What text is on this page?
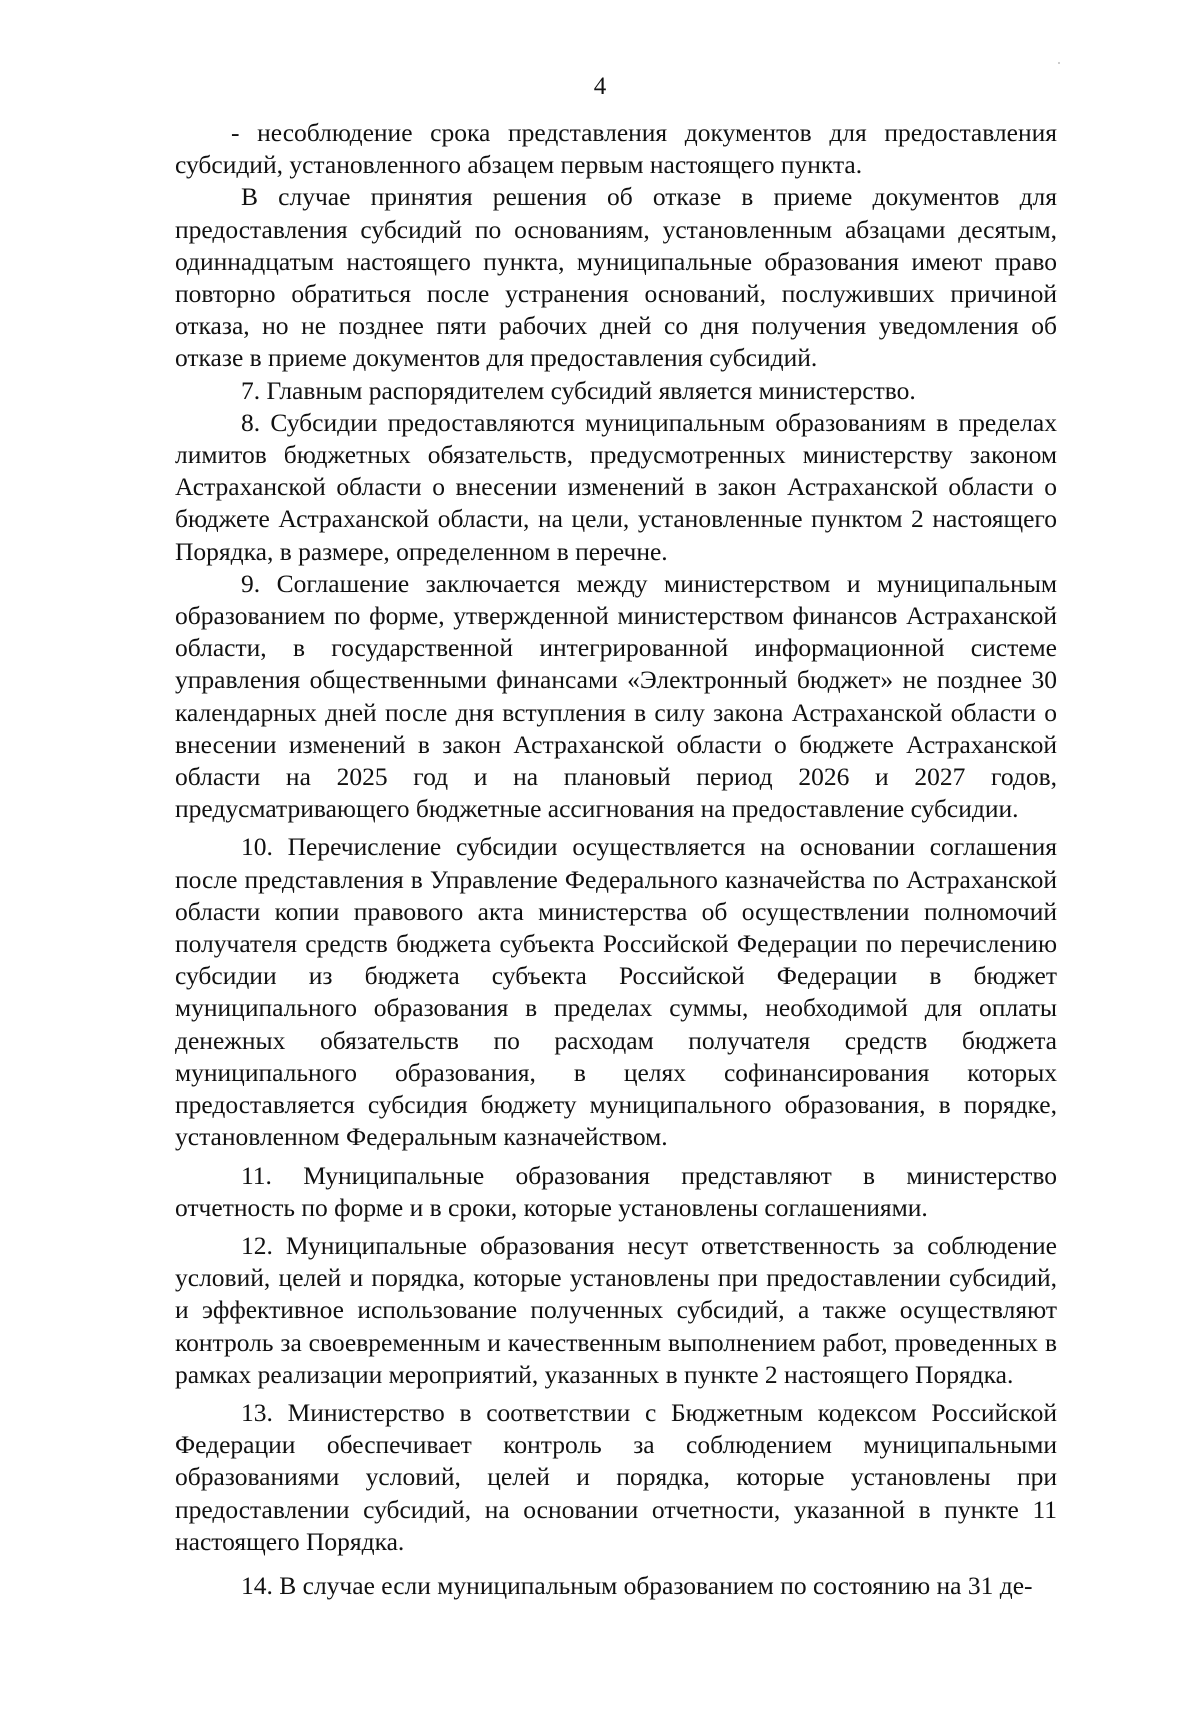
4

- несоблюдение срока представления документов для предоставления субсидий, установленного абзацем первым настоящего пункта.

В случае принятия решения об отказе в приеме документов для предоставления субсидий по основаниям, установленным абзацами десятым, одиннадцатым настоящего пункта, муниципальные образования имеют право повторно обратиться после устранения оснований, послуживших причиной отказа, но не позднее пяти рабочих дней со дня получения уведомления об отказе в приеме документов для предоставления субсидий.

7. Главным распорядителем субсидий является министерство.

8. Субсидии предоставляются муниципальным образованиям в пределах лимитов бюджетных обязательств, предусмотренных министерству законом Астраханской области о внесении изменений в закон Астраханской области о бюджете Астраханской области, на цели, установленные пунктом 2 настоящего Порядка, в размере, определенном в перечне.

9. Соглашение заключается между министерством и муниципальным образованием по форме, утвержденной министерством финансов Астраханской области, в государственной интегрированной информационной системе управления общественными финансами «Электронный бюджет» не позднее 30 календарных дней после дня вступления в силу закона Астраханской области о внесении изменений в закон Астраханской области о бюджете Астраханской области на 2025 год и на плановый период 2026 и 2027 годов, предусматривающего бюджетные ассигнования на предоставление субсидии.

10. Перечисление субсидии осуществляется на основании соглашения после представления в Управление Федерального казначейства по Астраханской области копии правового акта министерства об осуществлении полномочий получателя средств бюджета субъекта Российской Федерации по перечислению субсидии из бюджета субъекта Российской Федерации в бюджет муниципального образования в пределах суммы, необходимой для оплаты денежных обязательств по расходам получателя средств бюджета муниципального образования, в целях софинансирования которых предоставляется субсидия бюджету муниципального образования, в порядке, установленном Федеральным казначейством.

11. Муниципальные образования представляют в министерство отчетность по форме и в сроки, которые установлены соглашениями.

12. Муниципальные образования несут ответственность за соблюдение условий, целей и порядка, которые установлены при предоставлении субсидий, и эффективное использование полученных субсидий, а также осуществляют контроль за своевременным и качественным выполнением работ, проведенных в рамках реализации мероприятий, указанных в пункте 2 настоящего Порядка.

13. Министерство в соответствии с Бюджетным кодексом Российской Федерации обеспечивает контроль за соблюдением муниципальными образованиями условий, целей и порядка, которые установлены при предоставлении субсидий, на основании отчетности, указанной в пункте 11 настоящего Порядка.

14. В случае если муниципальным образованием по состоянию на 31 де-
